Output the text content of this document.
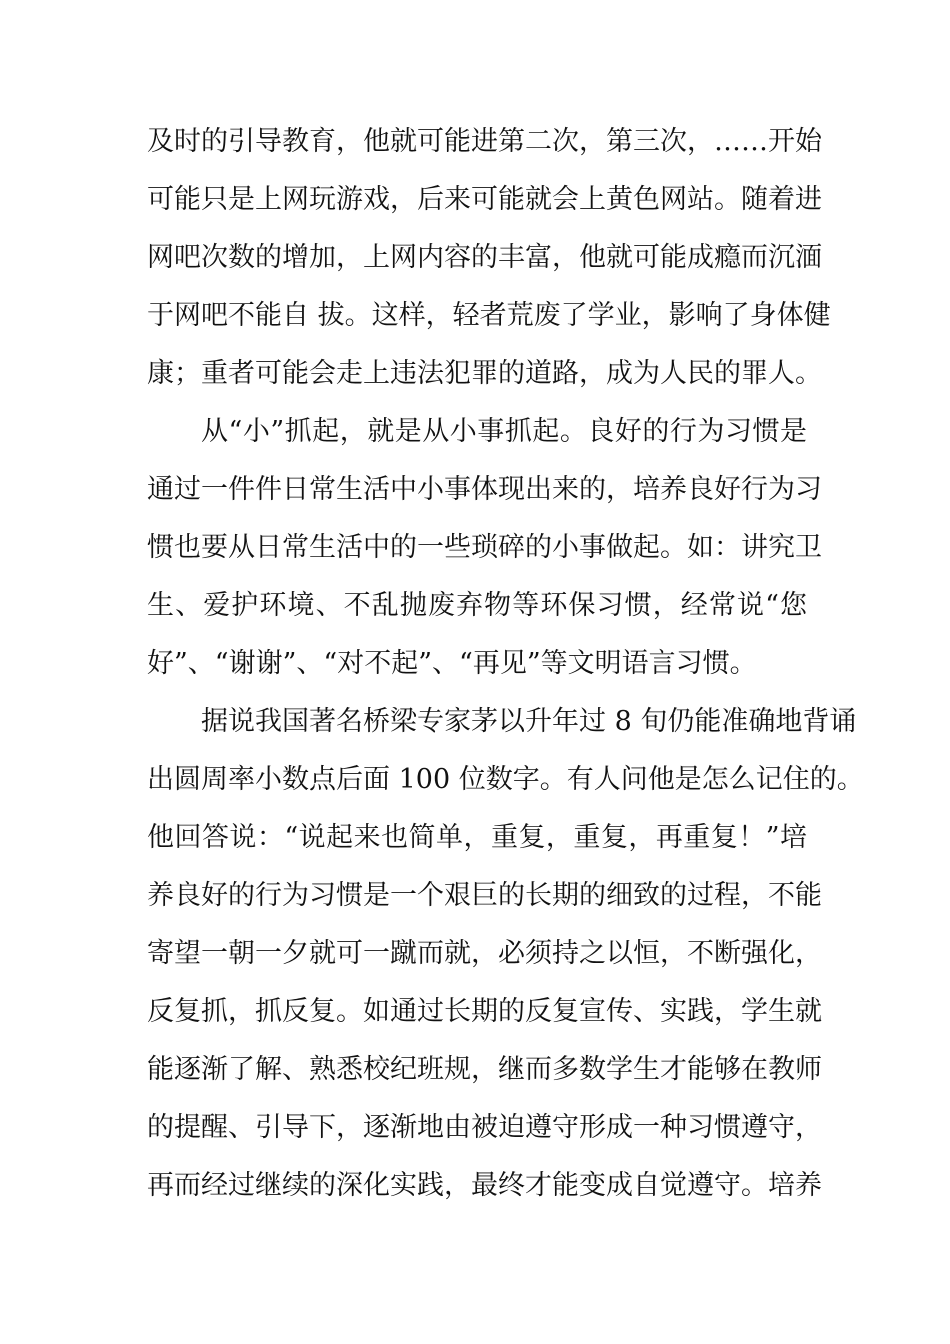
及时的引导教育，他就可能进第二次，第三次，……开始
可能只是上网玩游戏，后来可能就会上黄色网站。随着进
网吧次数的增加，上网内容的丰富，他就可能成瘾而沉湎
于网吧不能自 拔。这样，轻者荒废了学业，影响了身体健
康；重者可能会走上违法犯罪的道路，成为人民的罪人。
从“小”抓起，就是从小事抓起。良好的行为习惯是
通过一件件日常生活中小事体现出来的，培养良好行为习
惯也要从日常生活中的一些琐碎的小事做起。如：讲究卫
生、爱护环境、不乱抛废弃物等环保习惯，经常说“您
好”、“谢谢”、“对不起”、“再见”等文明语言习惯。
据说我国著名桥梁专家茅以升年过 8 旬仍能准确地背诵
出圆周率小数点后面 100 位数字。有人问他是怎么记住的。
他回答说：“说起来也简单，重复，重复，再重复！”培
养良好的行为习惯是一个艰巨的长期的细致的过程，不能
寄望一朝一夕就可一蹴而就，必须持之以恒，不断强化，
反复抓，抓反复。如通过长期的反复宣传、实践，学生就
能逐渐了解、熟悉校纪班规，继而多数学生才能够在教师
的提醒、引导下，逐渐地由被迫遵守形成一种习惯遵守，
再而经过继续的深化实践，最终才能变成自觉遵守。培养
